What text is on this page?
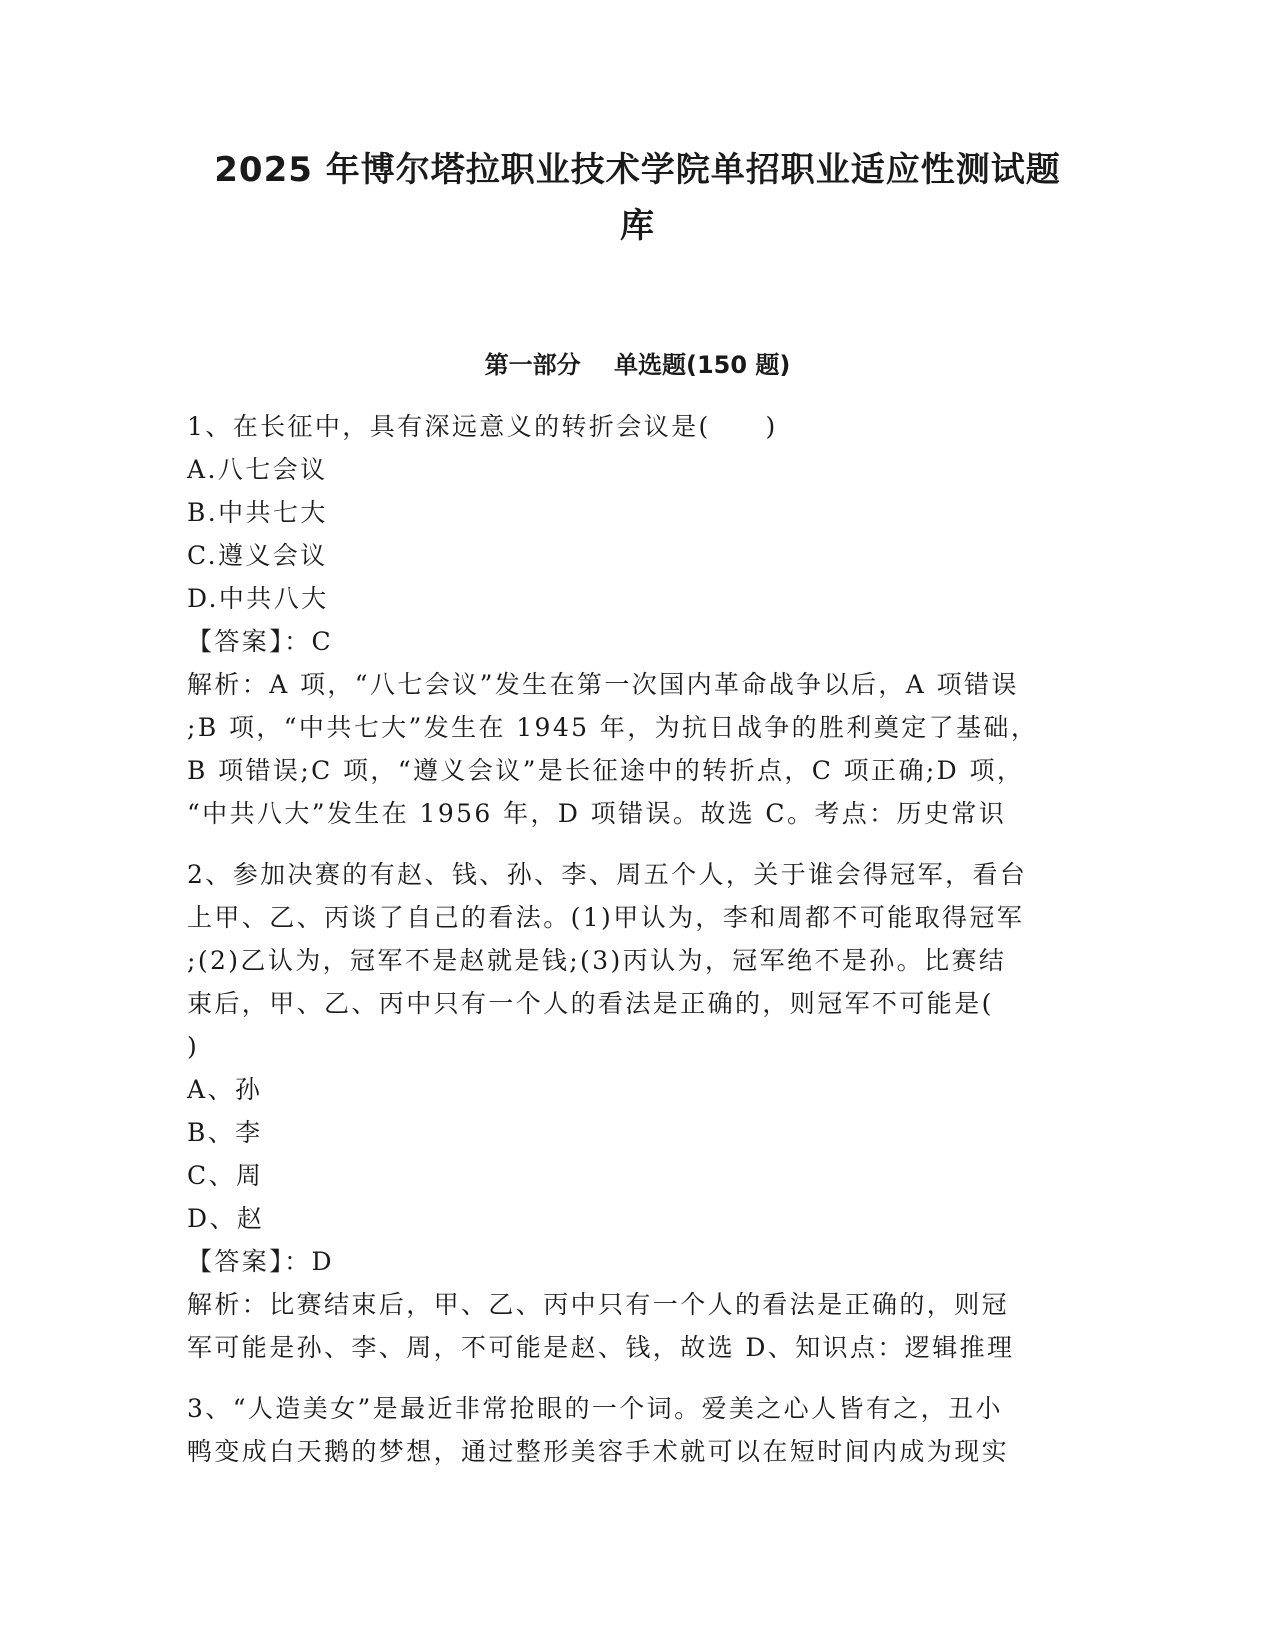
2025 年博尔塔拉职业技术学院单招职业适应性测试题
库
第一部分    单选题(150 题)
1、在长征中，具有深远意义的转折会议是(　　)
A.八七会议
B.中共七大
C.遵义会议
D.中共八大
【答案】：C
解析：A 项，“八七会议”发生在第一次国内革命战争以后，A 项错误
;B 项，“中共七大”发生在 1945 年，为抗日战争的胜利奠定了基础，
B 项错误;C 项，“遵义会议”是长征途中的转折点，C 项正确;D 项，
“中共八大”发生在 1956 年，D 项错误。故选 C。考点：历史常识
2、参加决赛的有赵、钱、孙、李、周五个人，关于谁会得冠军，看台
上甲、乙、丙谈了自己的看法。(1)甲认为，李和周都不可能取得冠军
;(2)乙认为，冠军不是赵就是钱;(3)丙认为，冠军绝不是孙。比赛结
束后，甲、乙、丙中只有一个人的看法是正确的，则冠军不可能是(
)
A、孙
B、李
C、周
D、赵
【答案】：D
解析：比赛结束后，甲、乙、丙中只有一个人的看法是正确的，则冠
军可能是孙、李、周，不可能是赵、钱，故选 D、知识点：逻辑推理
3、“人造美女”是最近非常抢眼的一个词。爱美之心人皆有之，丑小
鸭变成白天鹅的梦想，通过整形美容手术就可以在短时间内成为现实
